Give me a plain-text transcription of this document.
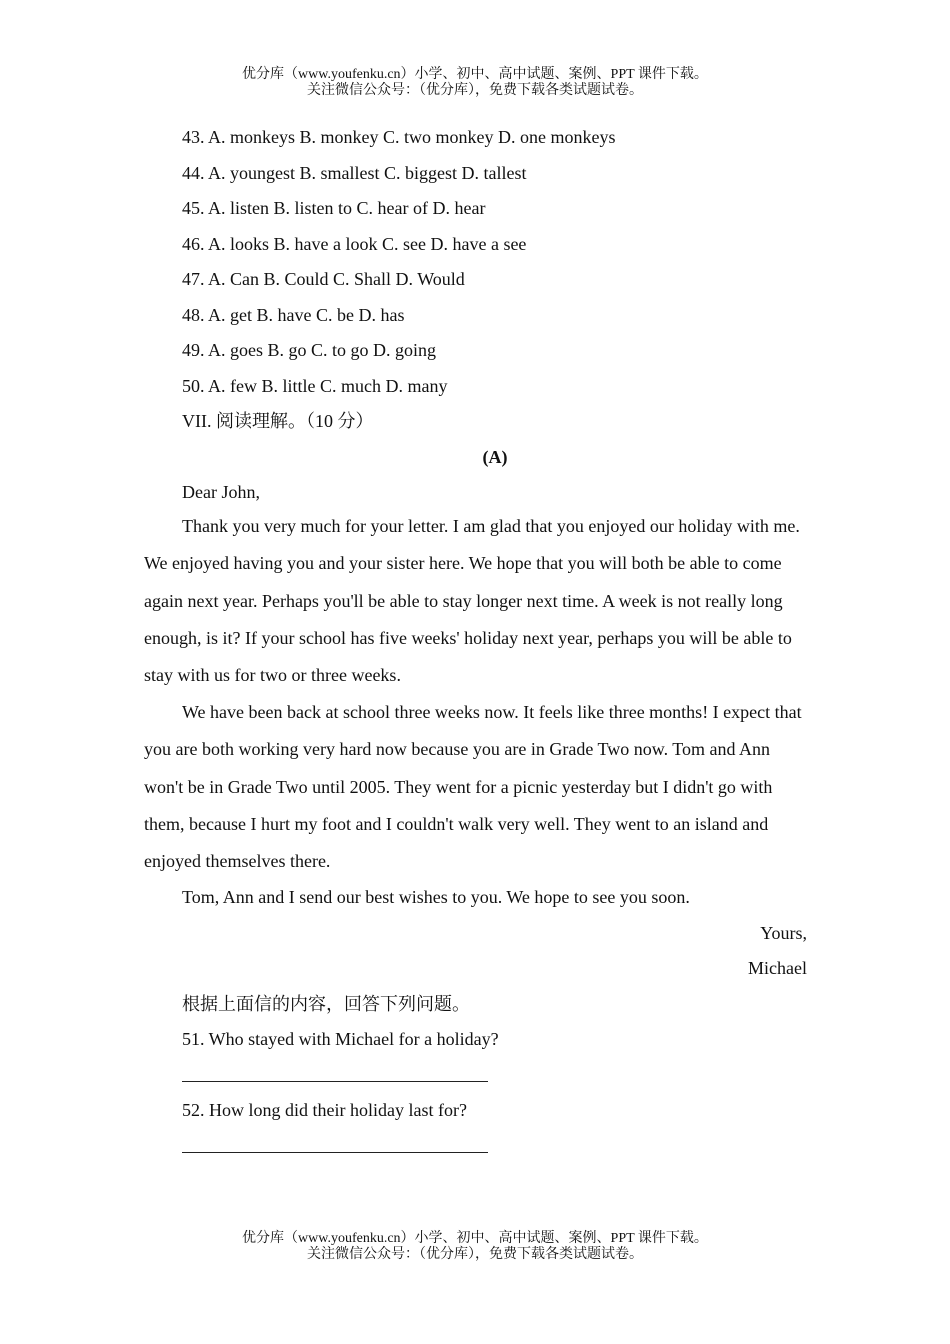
优分库（www.youfenku.cn）小学、初中、高中试题、案例、PPT 课件下载。
关注微信公众号：（优分库），免费下载各类试题试卷。
43. A. monkeys B. monkey C. two monkey D. one monkeys
44. A. youngest B. smallest C. biggest D. tallest
45. A. listen B. listen to C. hear of D. hear
46. A. looks B. have a look C. see D. have a see
47. A. Can B. Could C. Shall D. Would
48. A. get B. have C. be D. has
49. A. goes B. go C. to go D. going
50. A. few B. little C. much D. many
VII. 阅读理解。（10 分）
(A)
Dear John,

Thank you very much for your letter. I am glad that you enjoyed our holiday with me. We enjoyed having you and your sister here. We hope that you will both be able to come again next year. Perhaps you'll be able to stay longer next time. A week is not really long enough, is it? If your school has five weeks' holiday next year, perhaps you will be able to stay with us for two or three weeks.

We have been back at school three weeks now. It feels like three months! I expect that you are both working very hard now because you are in Grade Two now. Tom and Ann won't be in Grade Two until 2005. They went for a picnic yesterday but I didn't go with them, because I hurt my foot and I couldn't walk very well. They went to an island and enjoyed themselves there.

Tom, Ann and I send our best wishes to you. We hope to see you soon.
Yours,
Michael
根据上面信的内容，回答下列问题。
51. Who stayed with Michael for a holiday?
52. How long did their holiday last for?
优分库（www.youfenku.cn）小学、初中、高中试题、案例、PPT 课件下载。
关注微信公众号：（优分库），免费下载各类试题试卷。
